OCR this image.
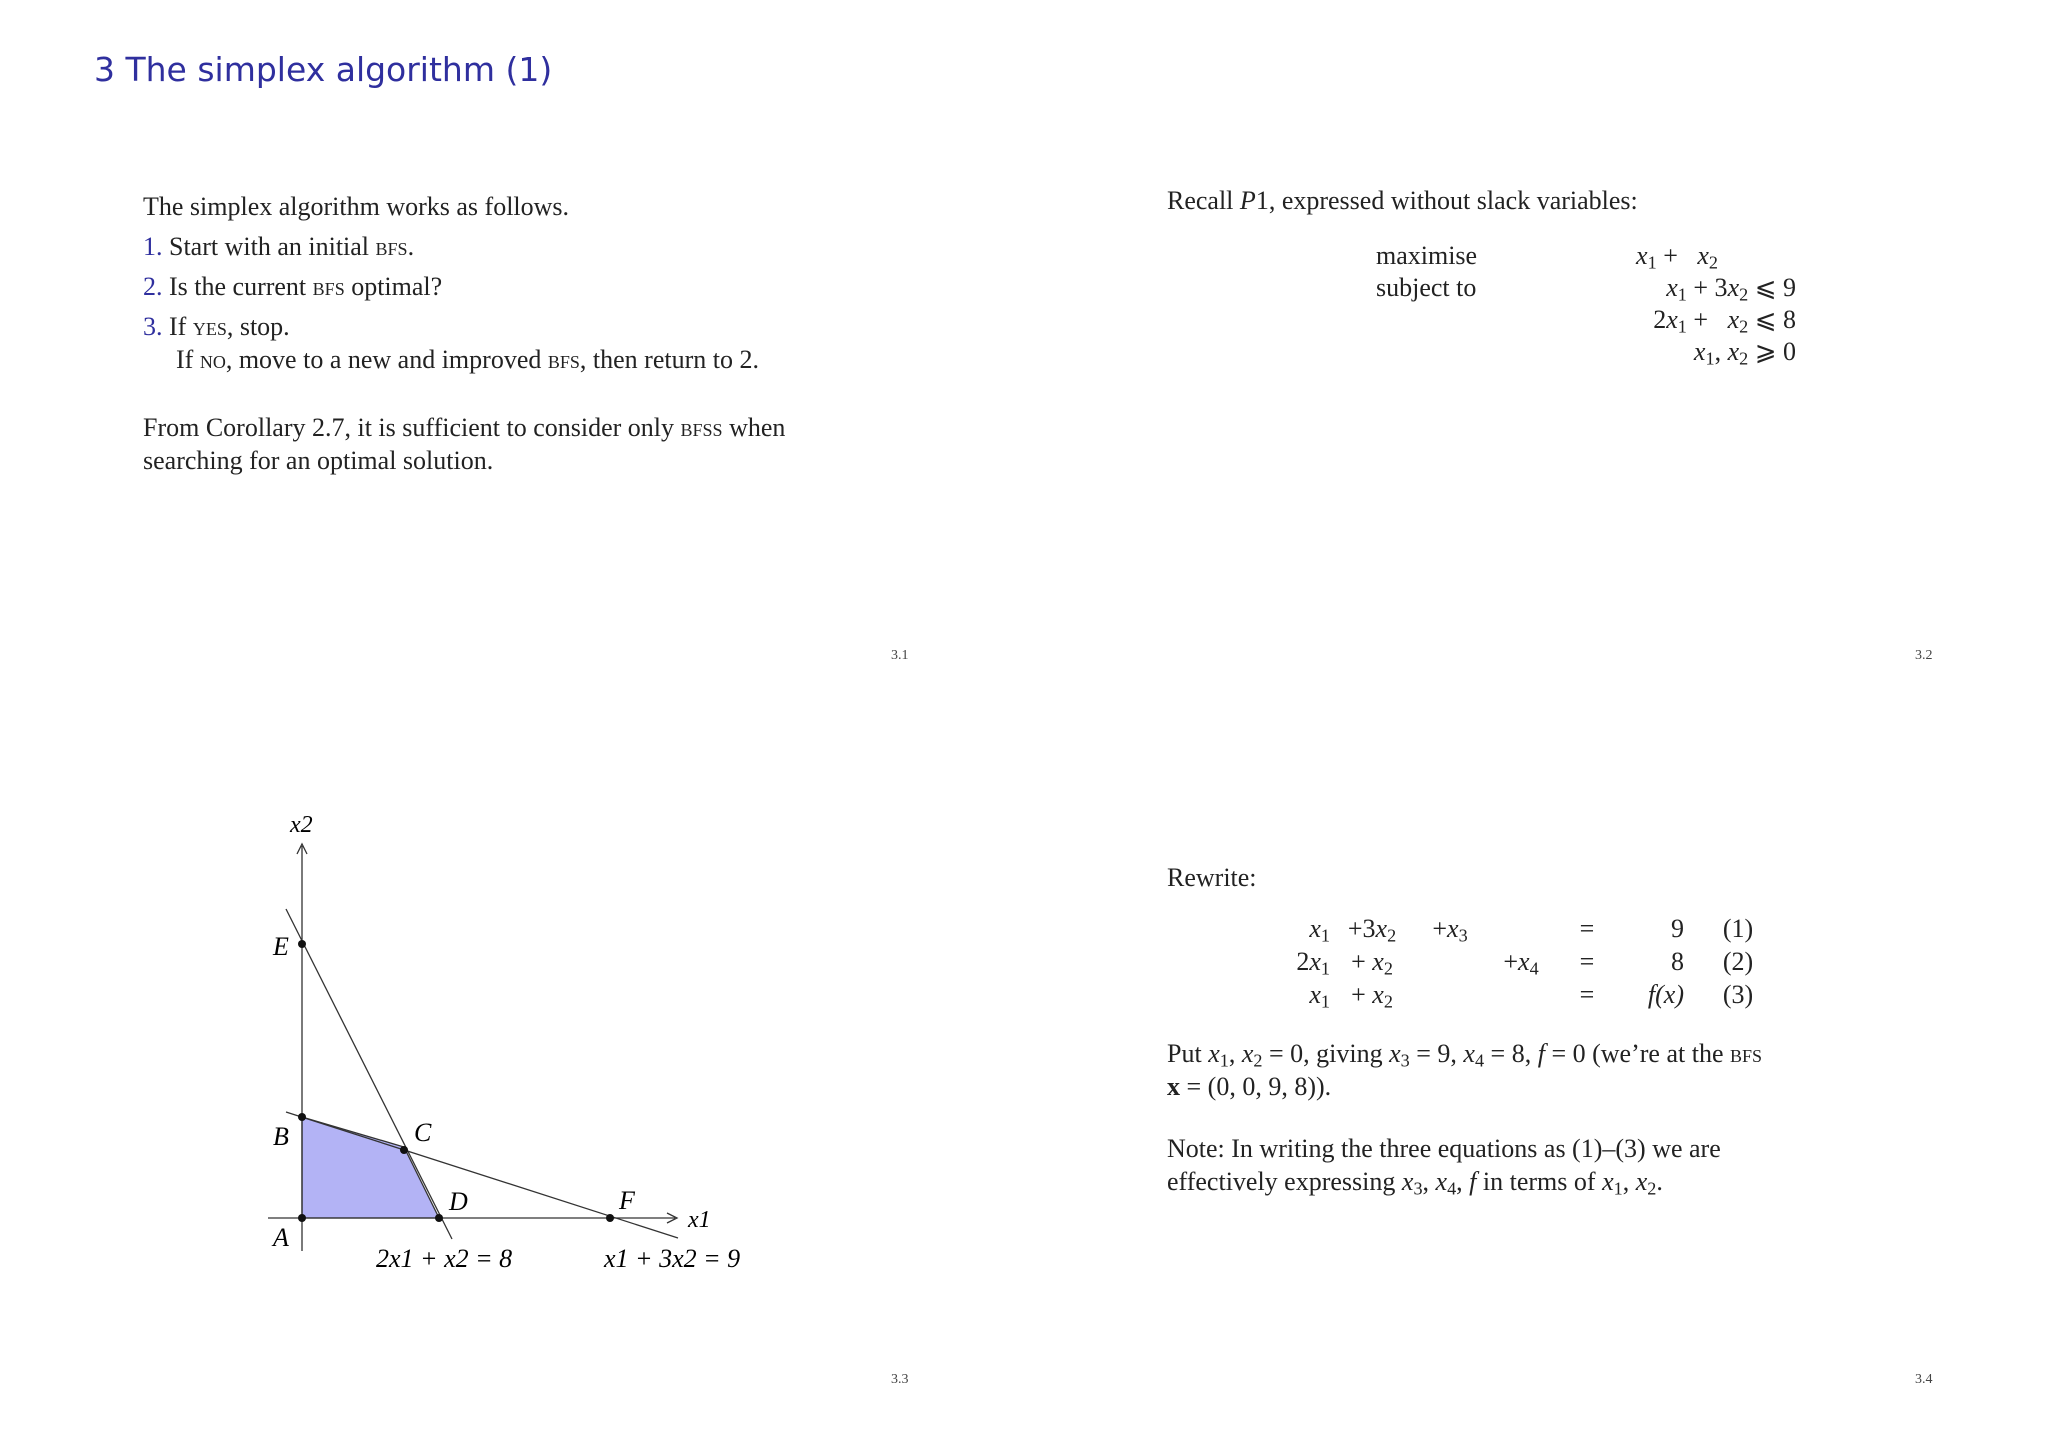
3 The simplex algorithm (1)
The simplex algorithm works as follows.
1. Start with an initial bfs.
2. Is the current bfs optimal?
3. If yes, stop.
If no, move to a new and improved bfs, then return to 2.
From Corollary 2.7, it is sufficient to consider only bfss when
searching for an optimal solution.
3.1
Recall P1, expressed without slack variables:
maximise	$x_1 + x_2$
subject to	$x_1 + 3x_2$ ⩽ 9
$2x_1 + x_2$ ⩽ 8
$x_1$, $x_2$ ⩾ 0
3.2
A
B	C
D
E
F
x2
x1
2x1 + x2 = 8	x1 + 3x2 = 9
3.3
Rewrite:
$x_1 +3x_2$	$+x_3$	=	9	(1)
$2x_1 + x_2$	$+x_4$	=	8	(2)
$x_1 + x_2$	=	f(x)	(3)
Put $x_1$, $x_2 = 0$, giving $x_3 = 9$, $x_4 = 8$, f = 0 (we’re at the bfs
x = (0, 0, 9, 8)).
Note: In writing the three equations as (1)–(3) we are
effectively expressing $x_3$, $x_4$, f in terms of $x_1$, $x_2$.
3.4
